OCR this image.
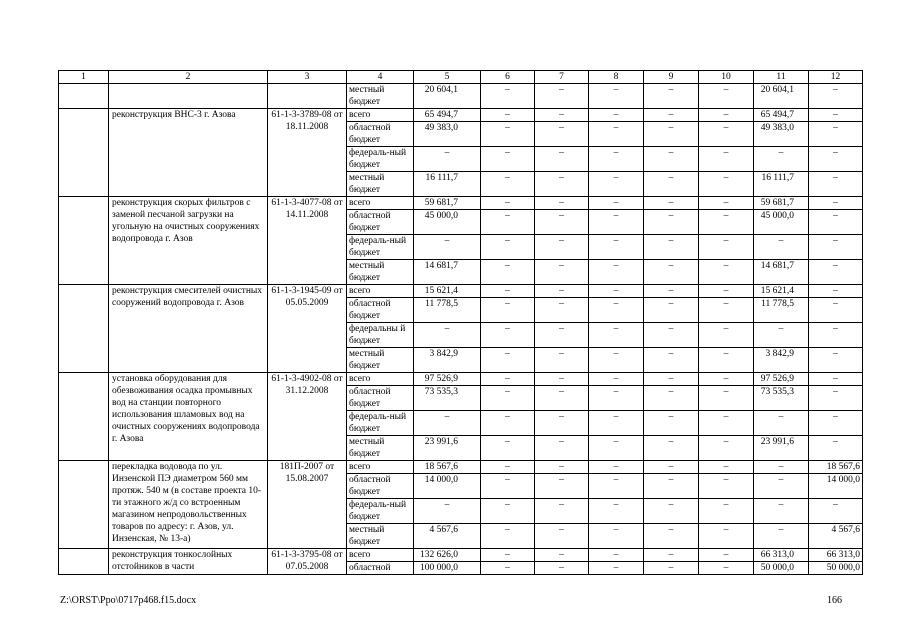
1	2	3	4	5	6	7	8	9	10	11	12
			местный бюджет	20 604,1	–	–	–	–	–	20 604,1	–
	реконструкция ВНС-3 г. Азова	61-1-3-3789-08 от 18.11.2008	всего	65 494,7	–	–	–	–	–	65 494,7	–
			областной бюджет	49 383,0	–	–	–	–	–	49 383,0	–
			федераль-ный бюджет	–	–	–	–	–	–	–	–
			местный бюджет	16 111,7	–	–	–	–	–	16 111,7	–
	реконструкция скорых фильтров с заменой песчаной загрузки на угольную на очистных сооружениях водопровода г. Азов	61-1-3-4077-08 от 14.11.2008	всего	59 681,7	–	–	–	–	–	59 681,7	–
			областной бюджет	45 000,0	–	–	–	–	–	45 000,0	–
			федераль-ный бюджет	–	–	–	–	–	–	–	–
			местный бюджет	14 681,7	–	–	–	–	–	14 681,7	–
	реконструкция смесителей очистных сооружений водопровода г. Азов	61-1-3-1945-09 от 05.05.2009	всего	15 621,4	–	–	–	–	–	15 621,4	–
			областной бюджет	11 778,5	–	–	–	–	–	11 778,5	–
			федеральны й бюджет	–	–	–	–	–	–	–	–
			местный бюджет	3 842,9	–	–	–	–	–	3 842,9	–
	установка оборудования для обезвоживания осадка промывных вод на станции повторного использования шламовых вод на очистных сооружениях водопровода г. Азова	61-1-3-4902-08 от 31.12.2008	всего	97 526,9	–	–	–	–	–	97 526,9	–
			областной бюджет	73 535,3	–	–	–	–	–	73 535,3	–
			федераль-ный бюджет	–	–	–	–	–	–	–	–
			местный бюджет	23 991,6	–	–	–	–	–	23 991,6	–
	перекладка водовода по ул. Инзенской ПЭ диаметром 560 мм протяж. 540 м (в составе проекта 10-ти этажного ж/д со встроенным магазином непродовольственных товаров по адресу: г. Азов, ул. Инзенская, № 13-а)	181П-2007 от 15.08.2007	всего	18 567,6	–	–	–	–	–	–	18 567,6
			областной бюджет	14 000,0	–	–	–	–	–	–	14 000,0
			федераль-ный бюджет	–	–	–	–	–	–	–	–
			местный бюджет	4 567,6	–	–	–	–	–	–	4 567,6
	реконструкция тонкослойных отстойников в части	61-1-3-3795-08 от 07.05.2008	всего	132 626,0	–	–	–	–	–	66 313,0	66 313,0
			областной	100 000,0	–	–	–	–	–	50 000,0	50 000,0
Z:\ORST\Ppo\0717p468.f15.docx	166
